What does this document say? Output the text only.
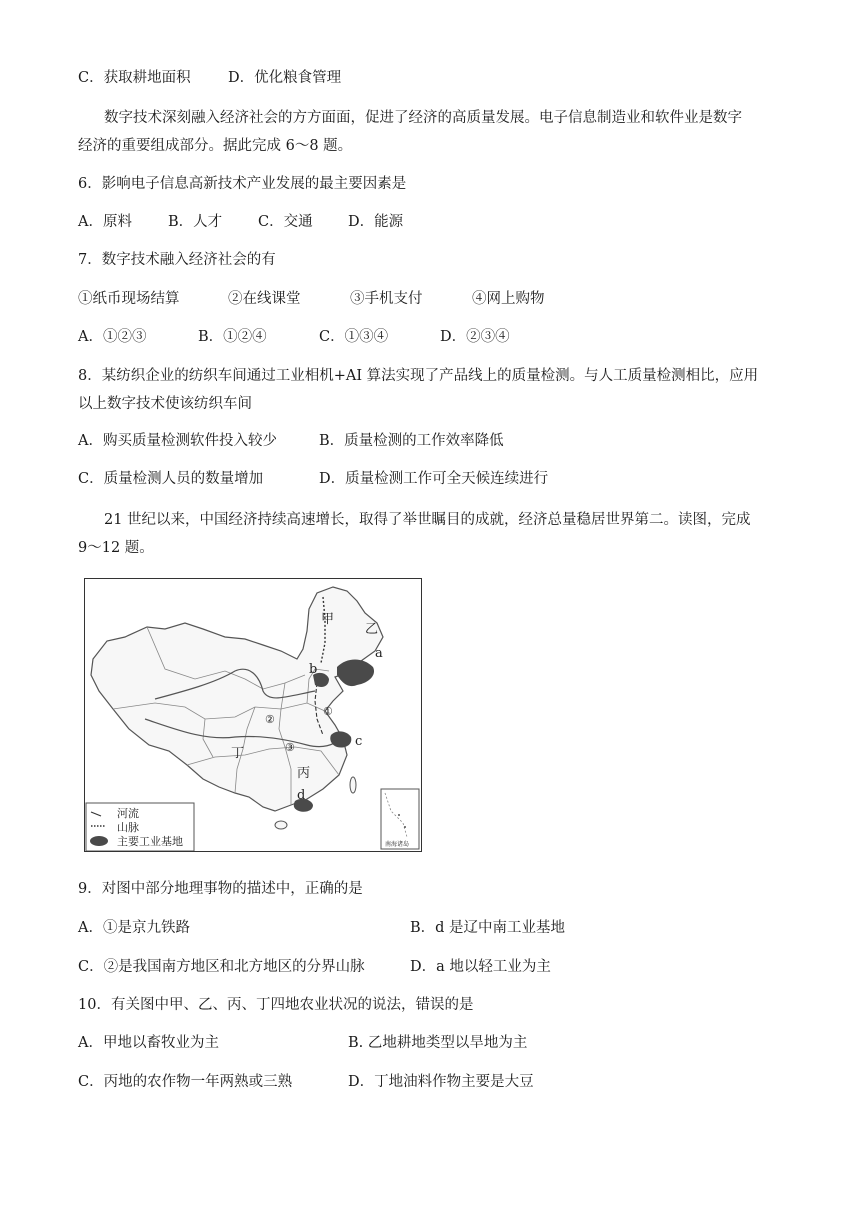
C．获取耕地面积	D．优化粮食管理
数字技术深刻融入经济社会的方方面面，促进了经济的高质量发展。电子信息制造业和软件业是数字
经济的重要组成部分。据此完成 6～8 题。
6．影响电子信息高新技术产业发展的最主要因素是
A．原料 B．人才 C．交通 D．能源
7．数字技术融入经济社会的有
①纸币现场结算	②在线课堂	③手机支付	④网上购物
A．①②③	B．①②④	C．①③④	D．②③④
8．某纺织企业的纺织车间通过工业相机+AI 算法实现了产品线上的质量检测。与人工质量检测相比，应用
以上数字技术使该纺织车间
A．购买质量检测软件投入较少	B．质量检测的工作效率降低
C．质量检测人员的数量增加	D．质量检测工作可全天候连续进行
21 世纪以来，中国经济持续高速增长，取得了举世瞩目的成就，经济总量稳居世界第二。读图，完成
9～12 题。
甲
乙
丙
丁
a
b
c
d
①
②
③
河流
山脉
主要工业基地	南海诸岛
9．对图中部分地理事物的描述中，正确的是
A．①是京九铁路	B．d 是辽中南工业基地
C．②是我国南方地区和北方地区的分界山脉	D．a 地以轻工业为主
10．有关图中甲、乙、丙、丁四地农业状况的说法，错误的是
A．甲地以畜牧业为主	B. 乙地耕地类型以旱地为主
C．丙地的农作物一年两熟或三熟	D．丁地油料作物主要是大豆
